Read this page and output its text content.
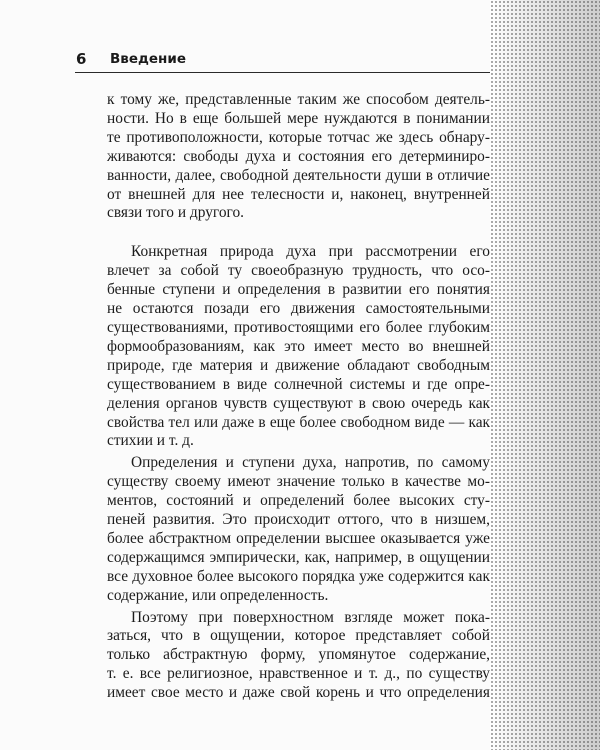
6 Введение
к тому же, представленные таким же способом деятель-
ности. Но в еще большей мере нуждаются в понимании
те противоположности, которые тотчас же здесь обнару-
живаются: свободы духа и состояния его детерминиро-
ванности, далее, свободной деятельности души в отличие
от внешней для нее телесности и, наконец, внутренней
связи того и другого.
Конкретная природа духа при рассмотрении его
влечет за собой ту своеобразную трудность, что осо-
бенные ступени и определения в развитии его понятия
не остаются позади его движения самостоятельными
существованиями, противостоящими его более глубоким
формообразованиям, как это имеет место во внешней
природе, где материя и движение обладают свободным
существованием в виде солнечной системы и где опре-
деления органов чувств существуют в свою очередь как
свойства тел или даже в еще более свободном виде — как
стихии и т. д.
Определения и ступени духа, напротив, по самому
существу своему имеют значение только в качестве мо-
ментов, состояний и определений более высоких сту-
пеней развития. Это происходит оттого, что в низшем,
более абстрактном определении высшее оказывается уже
содержащимся эмпирически, как, например, в ощущении
все духовное более высокого порядка уже содержится как
содержание, или определенность.
Поэтому при поверхностном взгляде может пока-
заться, что в ощущении, которое представляет собой
только абстрактную форму, упомянутое содержание,
т. е. все религиозное, нравственное и т. д., по существу
имеет свое место и даже свой корень и что определения
